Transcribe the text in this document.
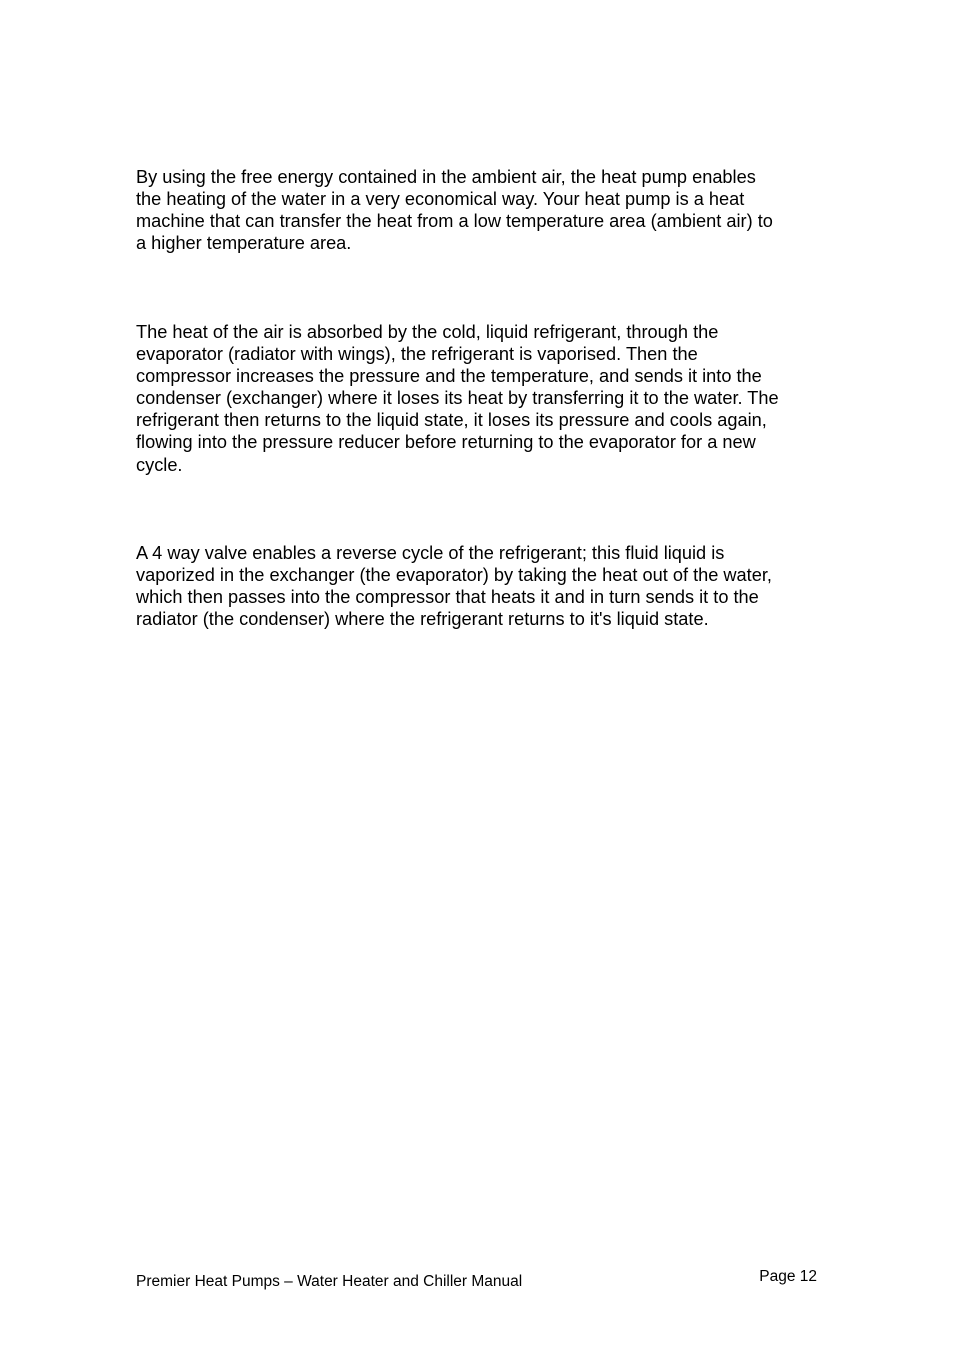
By using the free energy contained in the ambient air, the heat pump enables
the heating of the water in a very economical way. Your heat pump is a heat
machine that can transfer the heat from a low temperature area (ambient air) to
a higher temperature area.

The heat of the air is absorbed by the cold, liquid refrigerant, through the
evaporator (radiator with wings), the refrigerant is vaporised. Then the
compressor increases the pressure and the temperature, and sends it into the
condenser (exchanger) where it loses its heat by transferring it to the water. The
refrigerant then returns to the liquid state, it loses its pressure and cools again,
flowing into the pressure reducer before returning to the evaporator for a new
cycle.

A 4 way valve enables a reverse cycle of the refrigerant; this fluid liquid is
vaporized in the exchanger (the evaporator) by taking the heat out of the water,
which then passes into the compressor that heats it and in turn sends it to the
radiator (the condenser) where the refrigerant returns to it's liquid state.

Premier Heat Pumps – Water Heater and Chiller Manual	Page 12
